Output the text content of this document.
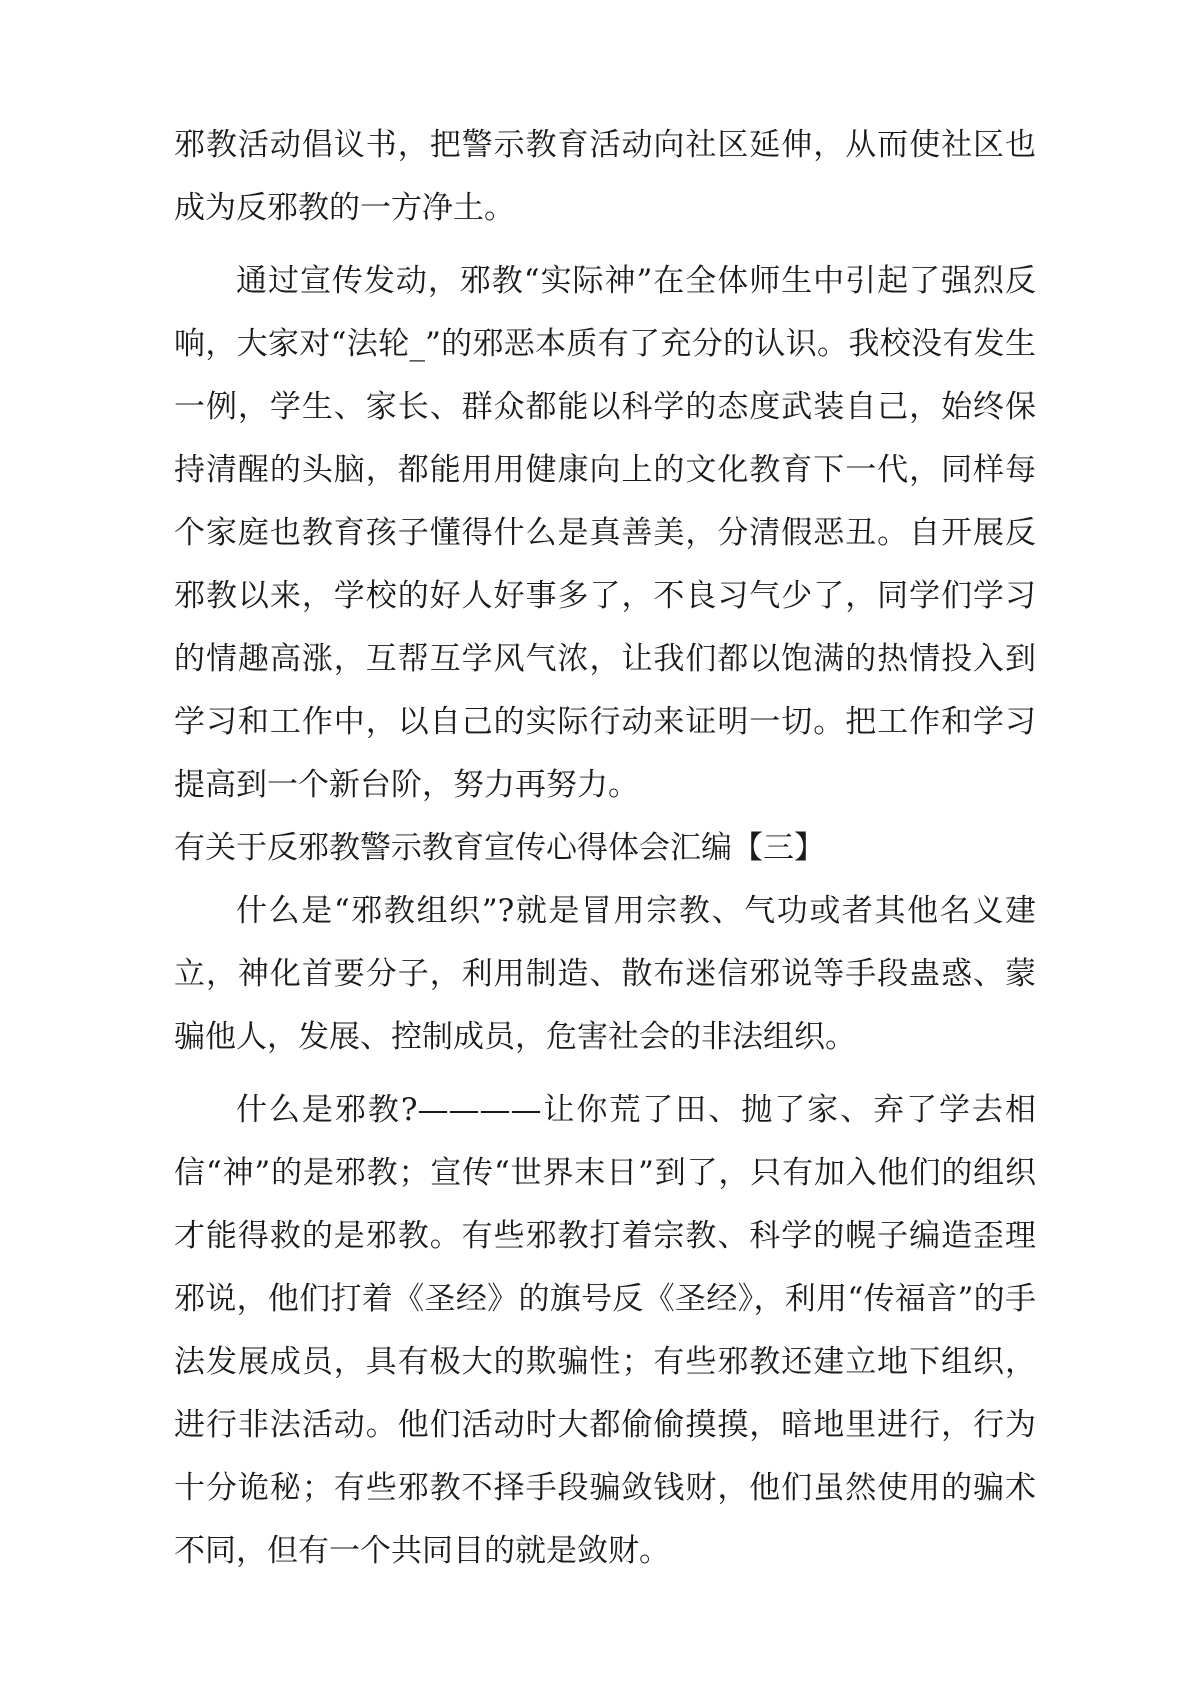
邪教活动倡议书，把警示教育活动向社区延伸，从而使社区也成为反邪教的一方净土。

通过宣传发动，邪教“实际神”在全体师生中引起了强烈反响，大家对“法轮_”的邪恶本质有了充分的认识。我校没有发生一例，学生、家长、群众都能以科学的态度武装自己，始终保持清醒的头脑，都能用用健康向上的文化教育下一代，同样每个家庭也教育孩子懂得什么是真善美，分清假恶丑。自开展反邪教以来，学校的好人好事多了，不良习气少了，同学们学习的情趣高涨，互帮互学风气浓，让我们都以饱满的热情投入到学习和工作中，以自己的实际行动来证明一切。把工作和学习提高到一个新台阶，努力再努力。

有关于反邪教警示教育宣传心得体会汇编【三】

什么是“邪教组织”?就是冒用宗教、气功或者其他名义建立，神化首要分子，利用制造、散布迷信邪说等手段蛊惑、蒙骗他人，发展、控制成员，危害社会的非法组织。

什么是邪教?————让你荒了田、抛了家、弃了学去相信“神”的是邪教；宣传“世界末日”到了，只有加入他们的组织才能得救的是邪教。有些邪教打着宗教、科学的幌子编造歪理邪说，他们打着《圣经》的旗号反《圣经》，利用“传福音”的手法发展成员，具有极大的欺骗性；有些邪教还建立地下组织，进行非法活动。他们活动时大都偷偷摸摸，暗地里进行，行为十分诡秘；有些邪教不择手段骗敛钱财，他们虽然使用的骗术不同，但有一个共同目的就是敛财。
